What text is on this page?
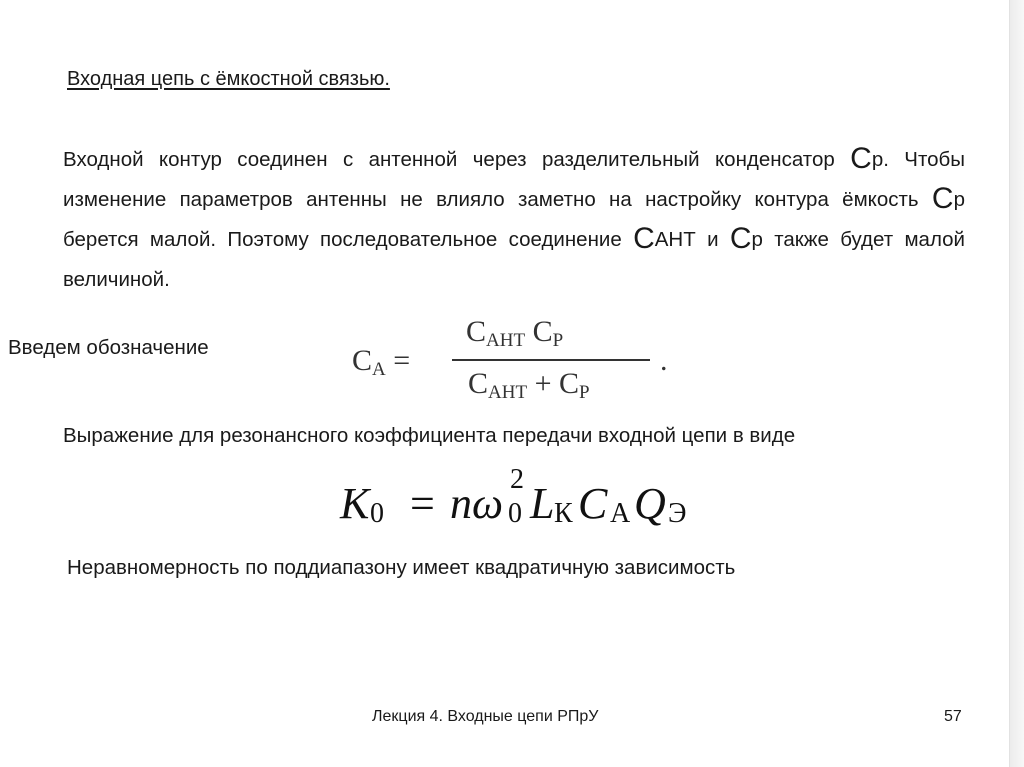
Входная цепь с ёмкостной связью.
Входной контур соединен с антенной через разделительный конденсатор Ср. Чтобы изменение параметров антенны не влияло заметно на настройку контура ёмкость Ср берется малой. Поэтому последовательное соединение САНТ и Ср также будет малой величиной.
Введем обозначение	CА =
CАНТ CР
CАНТ + CР
.
Выражение для резонансного коэффициента передачи входной цепи в виде
K 0 = nω 2
0 L К C А Q Э
Неравномерность по поддиапазону имеет квадратичную зависимость
Лекция 4. Входные цепи РПрУ	57
